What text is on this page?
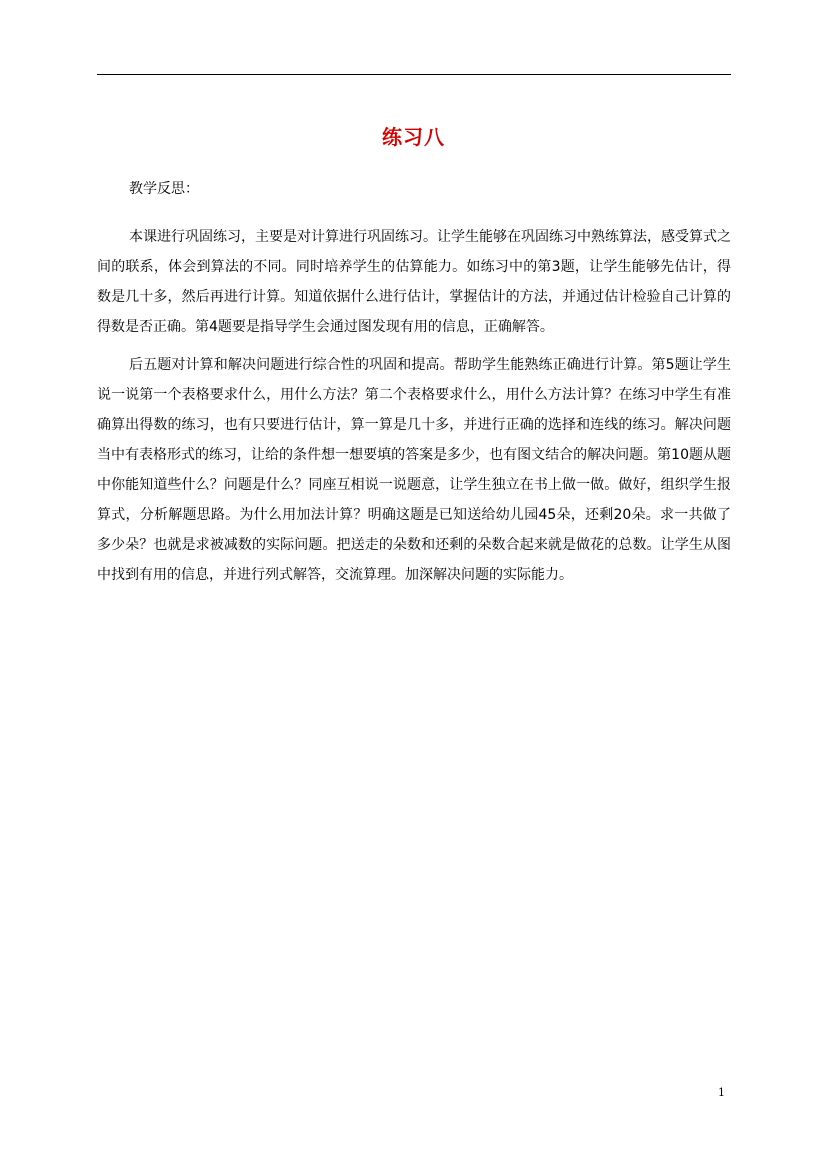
练习八
教学反思：

本课进行巩固练习，主要是对计算进行巩固练习。让学生能够在巩固练习中熟练算法，感受算式之间的联系，体会到算法的不同。同时培养学生的估算能力。如练习中的第3题，让学生能够先估计，得数是几十多，然后再进行计算。知道依据什么进行估计，掌握估计的方法，并通过估计检验自己计算的得数是否正确。第4题要是指导学生会通过图发现有用的信息，正确解答。

后五题对计算和解决问题进行综合性的巩固和提高。帮助学生能熟练正确进行计算。第5题让学生说一说第一个表格要求什么，用什么方法？第二个表格要求什么，用什么方法计算？在练习中学生有准确算出得数的练习，也有只要进行估计，算一算是几十多，并进行正确的选择和连线的练习。解决问题当中有表格形式的练习，让给的条件想一想要填的答案是多少，也有图文结合的解决问题。第10题从题中你能知道些什么？问题是什么？同座互相说一说题意，让学生独立在书上做一做。做好，组织学生报算式，分析解题思路。为什么用加法计算？明确这题是已知送给幼儿园45朵，还剩20朵。求一共做了多少朵？也就是求被减数的实际问题。把送走的朵数和还剩的朵数合起来就是做花的总数。让学生从图中找到有用的信息，并进行列式解答，交流算理。加深解决问题的实际能力。

1
